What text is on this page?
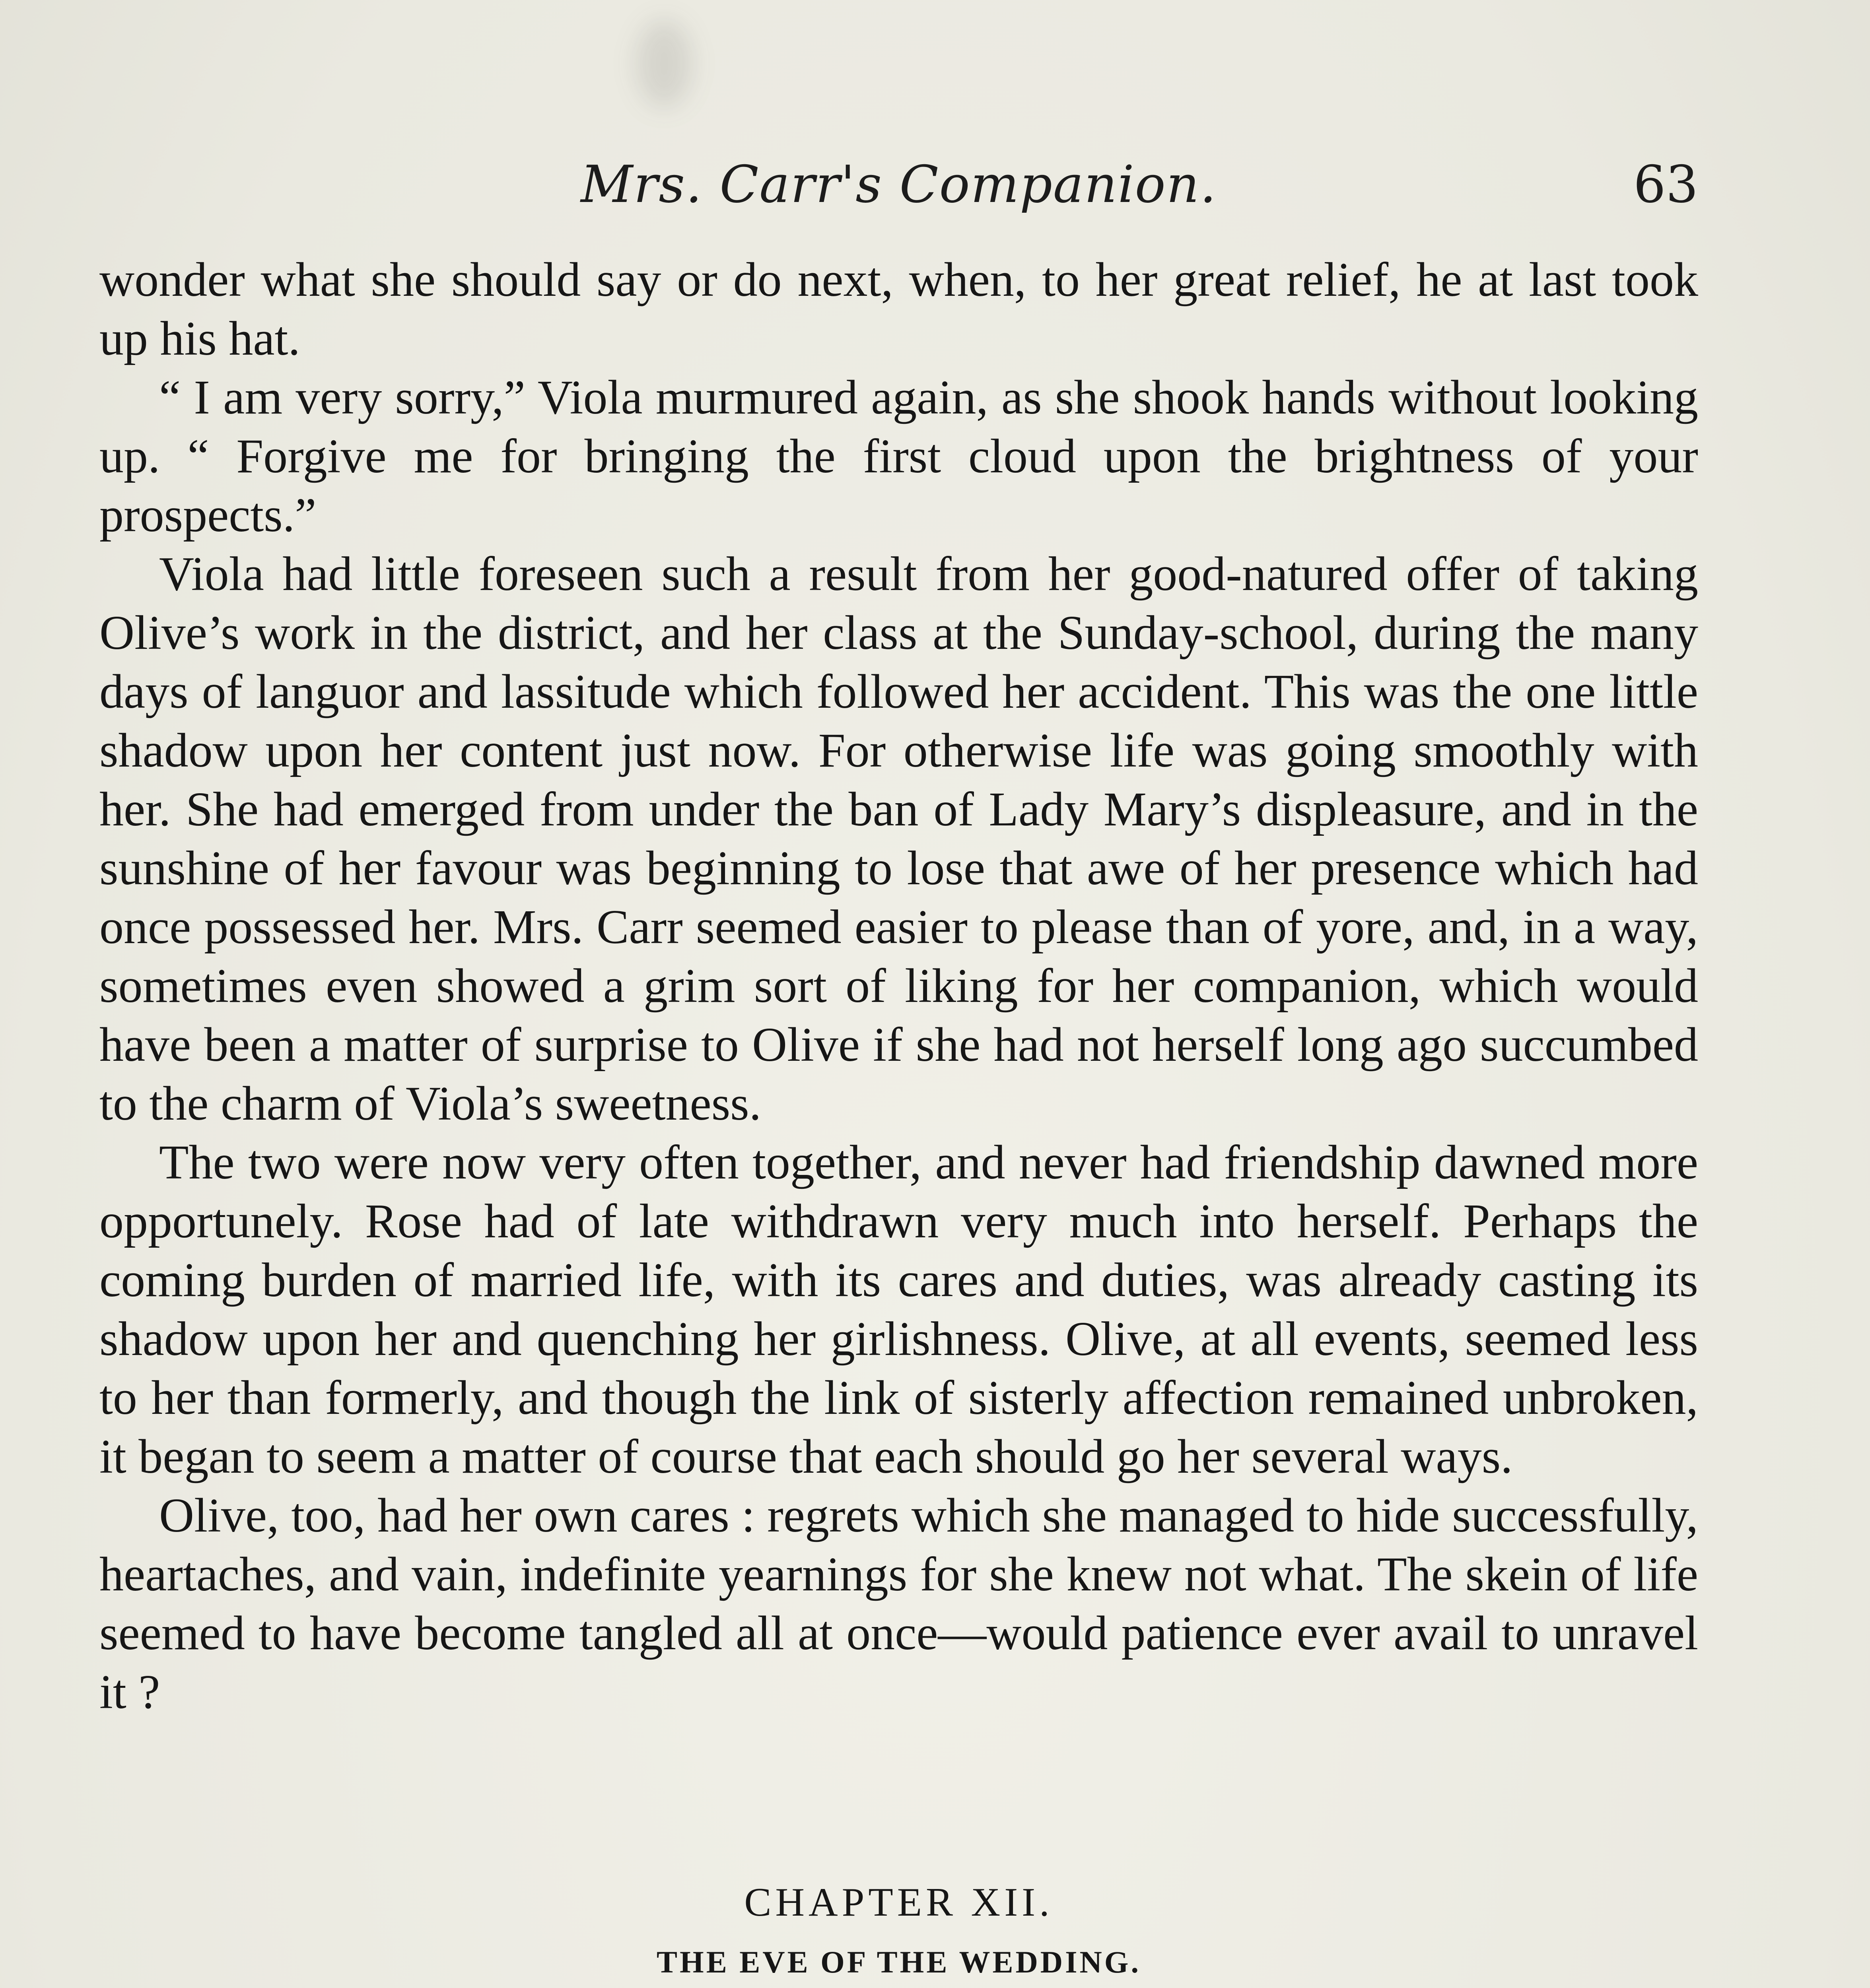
Mrs. Carr's Companion.	63

wonder what she should say or do next, when, to her great relief, he at last took up his hat.

“ I am very sorry,” Viola murmured again, as she shook hands without looking up. “ Forgive me for bringing the first cloud upon the brightness of your prospects.”

Viola had little foreseen such a result from her good-natured offer of taking Olive’s work in the district, and her class at the Sunday-school, during the many days of languor and lassitude which followed her accident. This was the one little shadow upon her content just now. For otherwise life was going smoothly with her. She had emerged from under the ban of Lady Mary’s displeasure, and in the sunshine of her favour was beginning to lose that awe of her presence which had once possessed her. Mrs. Carr seemed easier to please than of yore, and, in a way, sometimes even showed a grim sort of liking for her companion, which would have been a matter of surprise to Olive if she had not herself long ago succumbed to the charm of Viola’s sweetness.

The two were now very often together, and never had friendship dawned more opportunely. Rose had of late withdrawn very much into herself. Perhaps the coming burden of married life, with its cares and duties, was already casting its shadow upon her and quenching her girlishness. Olive, at all events, seemed less to her than formerly, and though the link of sisterly affection remained unbroken, it began to seem a matter of course that each should go her several ways.

Olive, too, had her own cares : regrets which she managed to hide successfully, heartaches, and vain, indefinite yearnings for she knew not what. The skein of life seemed to have become tangled all at once—would patience ever avail to unravel it ?

CHAPTER XII.
THE EVE OF THE WEDDING.
